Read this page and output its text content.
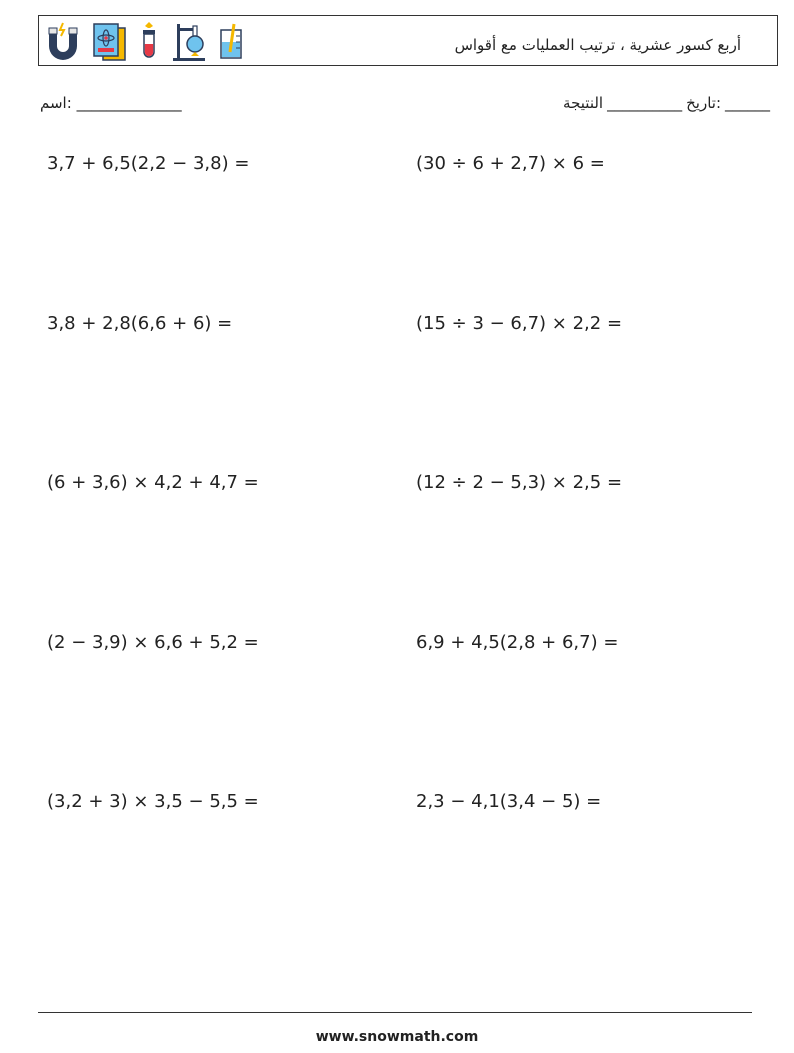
أربع كسور عشرية ، ترتيب العمليات مع أقواس
______
:تاريخ
__________
النتيجة
______________ :اسم
3,7 + 6,5(2,2 − 3,8) =	(30 ÷ 6 + 2,7) × 6 =
3,8 + 2,8(6,6 + 6) =	(15 ÷ 3 − 6,7) × 2,2 =
(6 + 3,6) × 4,2 + 4,7 =	(12 ÷ 2 − 5,3) × 2,5 =
(2 − 3,9) × 6,6 + 5,2 =	6,9 + 4,5(2,8 + 6,7) =
(3,2 + 3) × 3,5 − 5,5 =	2,3 − 4,1(3,4 − 5) =
www.snowmath.com
